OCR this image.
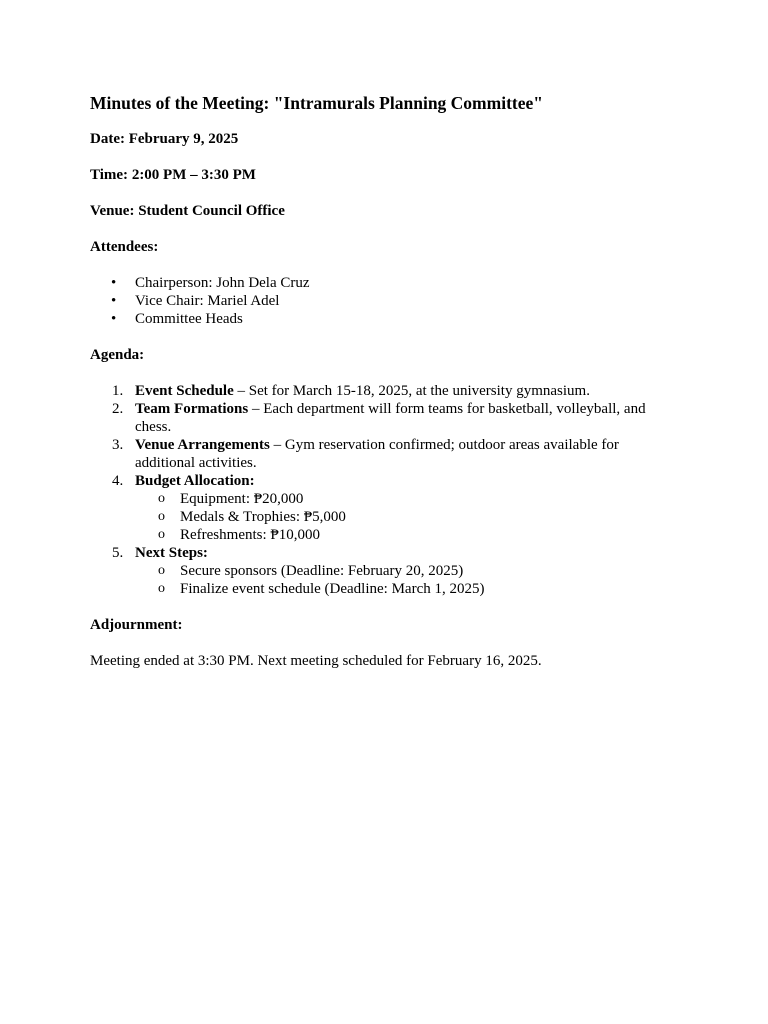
Minutes of the Meeting: "Intramurals Planning Committee"
Date: February 9, 2025
Time: 2:00 PM – 3:30 PM
Venue: Student Council Office
Attendees:
• Chairperson: John Dela Cruz
• Vice Chair: Mariel Adel
• Committee Heads
Agenda:
1. Event Schedule – Set for March 15-18, 2025, at the university gymnasium.
2. Team Formations – Each department will form teams for basketball, volleyball, and chess.
3. Venue Arrangements – Gym reservation confirmed; outdoor areas available for additional activities.
4. Budget Allocation:
o Equipment: ₱20,000
o Medals & Trophies: ₱5,000
o Refreshments: ₱10,000
5. Next Steps:
o Secure sponsors (Deadline: February 20, 2025)
o Finalize event schedule (Deadline: March 1, 2025)
Adjournment:

Meeting ended at 3:30 PM. Next meeting scheduled for February 16, 2025.
